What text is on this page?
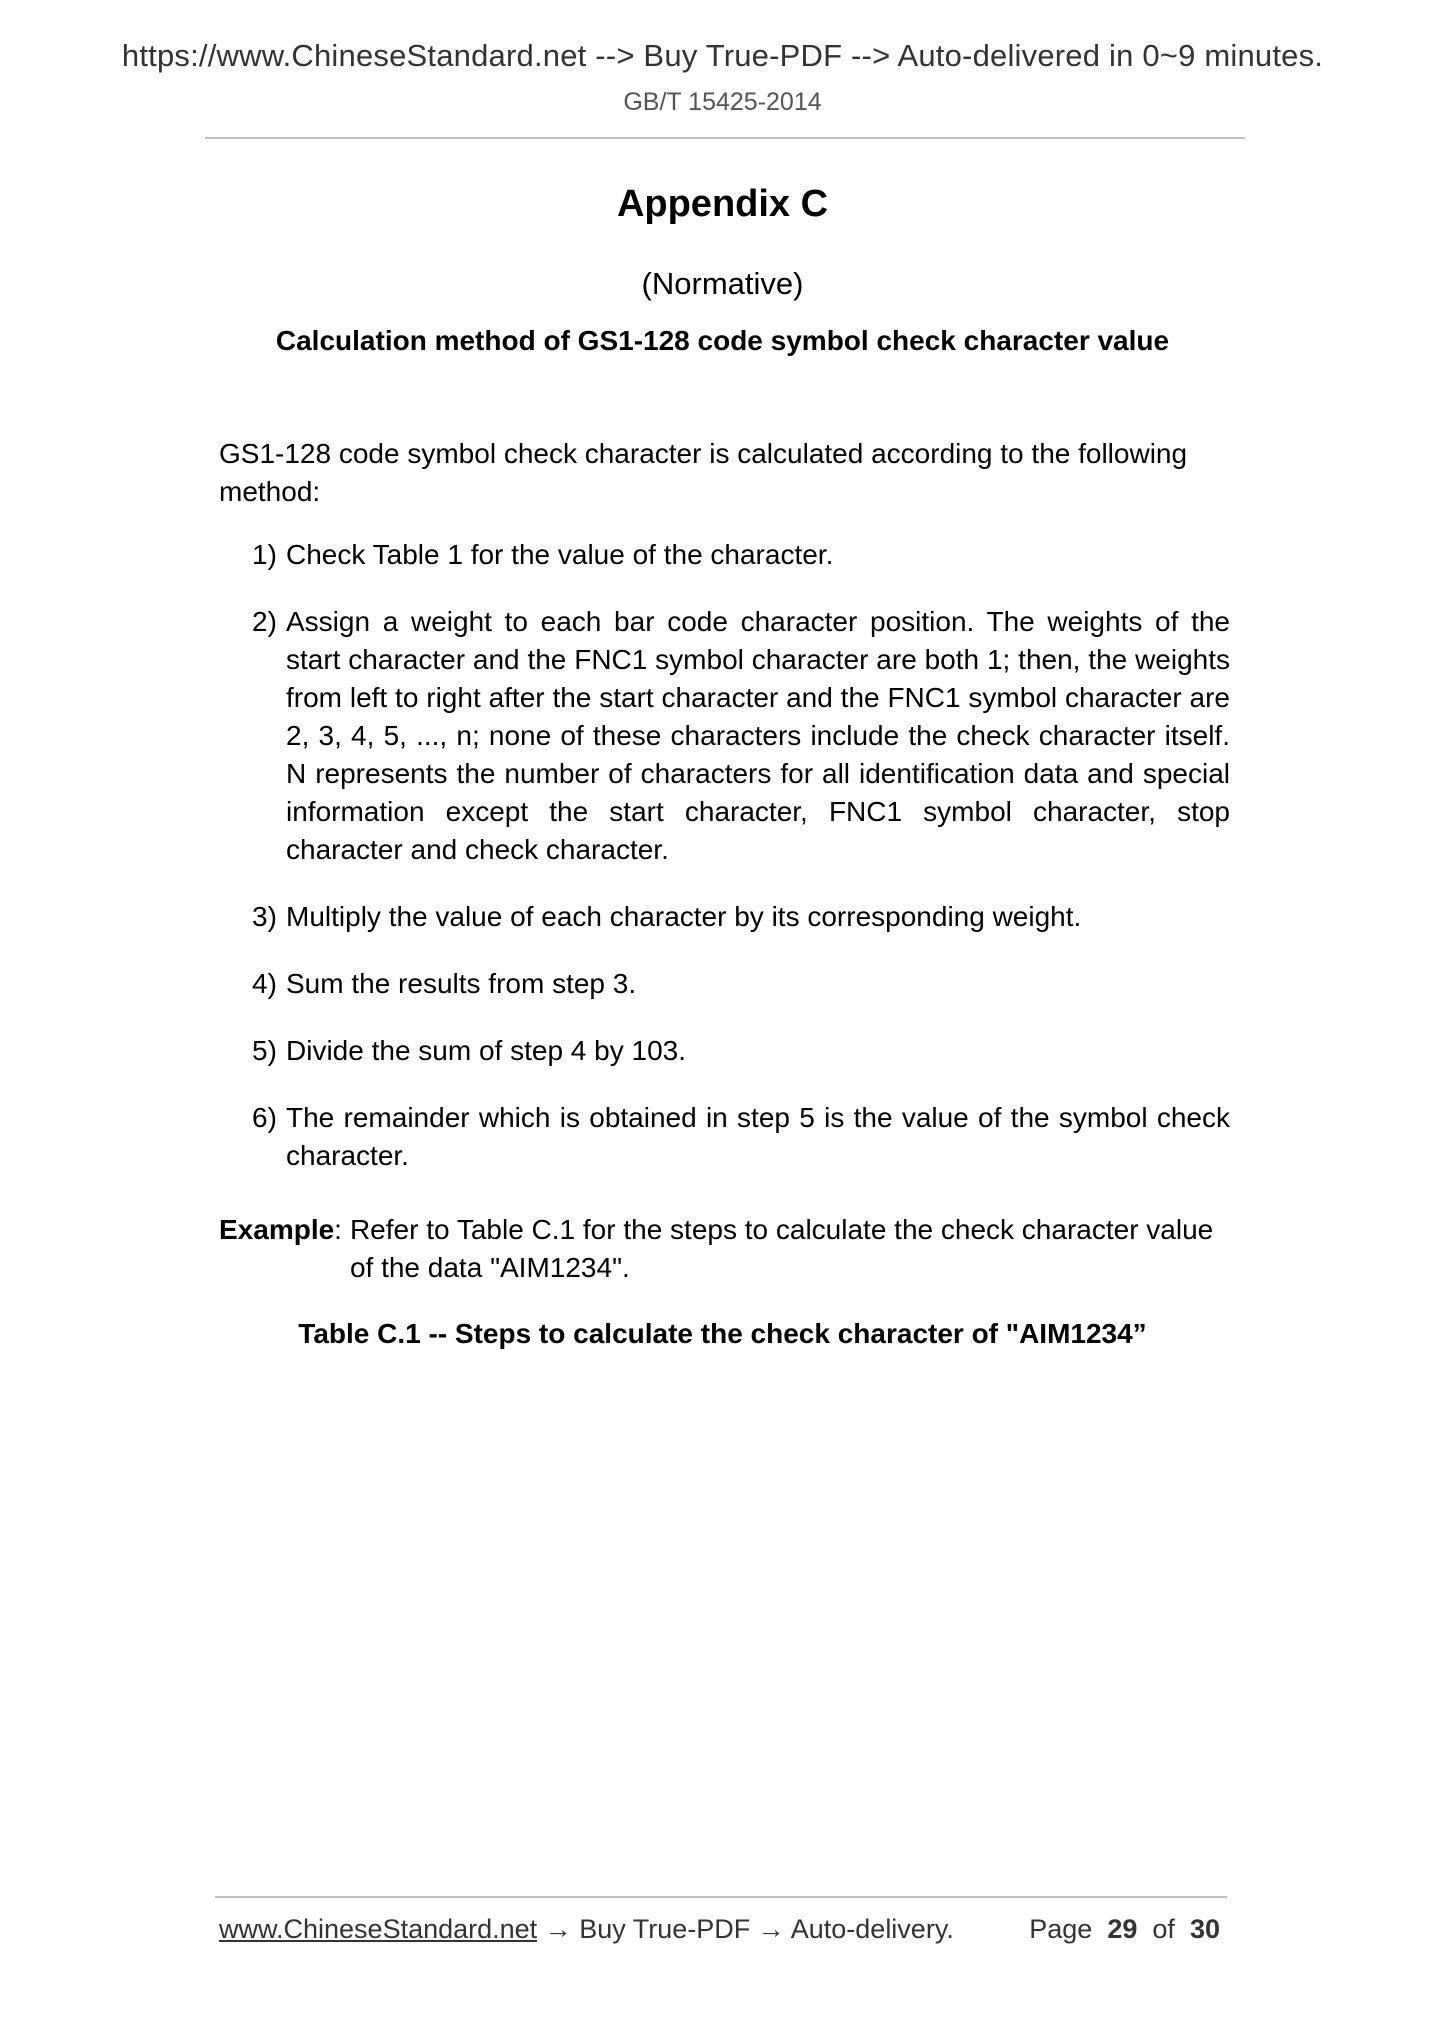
https://www.ChineseStandard.net --> Buy True-PDF --> Auto-delivered in 0~9 minutes.
GB/T 15425-2014
Appendix C
(Normative)
Calculation method of GS1-128 code symbol check character value

GS1-128 code symbol check character is calculated according to the following method:

1) Check Table 1 for the value of the character.
2) Assign a weight to each bar code character position. The weights of the start character and the FNC1 symbol character are both 1; then, the weights from left to right after the start character and the FNC1 symbol character are 2, 3, 4, 5, ..., n; none of these characters include the check character itself. N represents the number of characters for all identification data and special information except the start character, FNC1 symbol character, stop character and check character.
3) Multiply the value of each character by its corresponding weight.
4) Sum the results from step 3.
5) Divide the sum of step 4 by 103.
6) The remainder which is obtained in step 5 is the value of the symbol check character.
Example : Refer to Table C.1 for the steps to calculate the check character value of the data "AIM1234".
Table C.1 -- Steps to calculate the check character of "AIM1234”
www.ChineseStandard.net → Buy True-PDF → Auto-delivery.	Page 29 of 30
